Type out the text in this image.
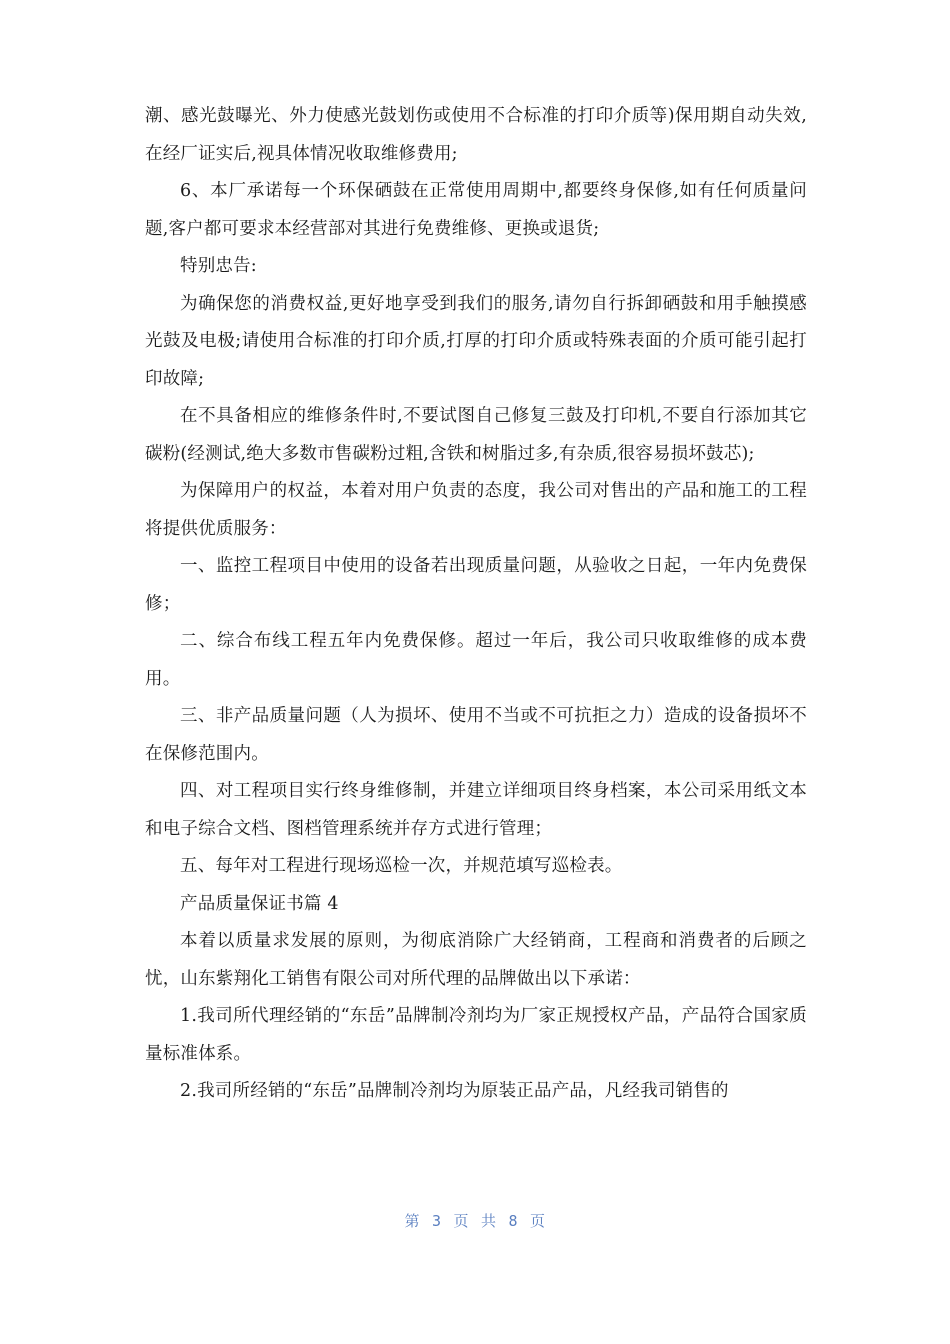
潮、感光鼓曝光、外力使感光鼓划伤或使用不合标准的打印介质等)保用期自动失效,在经厂证实后,视具体情况收取维修费用;

6、本厂承诺每一个环保硒鼓在正常使用周期中,都要终身保修,如有任何质量问题,客户都可要求本经营部对其进行免费维修、更换或退货;

特别忠告:

为确保您的消费权益,更好地享受到我们的服务,请勿自行拆卸硒鼓和用手触摸感光鼓及电极;请使用合标准的打印介质,打厚的打印介质或特殊表面的介质可能引起打印故障;

在不具备相应的维修条件时,不要试图自己修复三鼓及打印机,不要自行添加其它碳粉(经测试,绝大多数市售碳粉过粗,含铁和树脂过多,有杂质,很容易损坏鼓芯);

为保障用户的权益，本着对用户负责的态度，我公司对售出的产品和施工的工程将提供优质服务：

一、监控工程项目中使用的设备若出现质量问题，从验收之日起，一年内免费保修；

二、综合布线工程五年内免费保修。超过一年后，我公司只收取维修的成本费用。

三、非产品质量问题（人为损坏、使用不当或不可抗拒之力）造成的设备损坏不在保修范围内。

四、对工程项目实行终身维修制，并建立详细项目终身档案，本公司采用纸文本和电子综合文档、图档管理系统并存方式进行管理；

五、每年对工程进行现场巡检一次，并规范填写巡检表。

产品质量保证书篇 4

本着以质量求发展的原则，为彻底消除广大经销商，工程商和消费者的后顾之忧，山东紫翔化工销售有限公司对所代理的品牌做出以下承诺：

1.我司所代理经销的“东岳”品牌制冷剂均为厂家正规授权产品，产品符合国家质量标准体系。

2.我司所经销的“东岳”品牌制冷剂均为原装正品产品，凡经我司销售的

第 3 页 共 8 页
